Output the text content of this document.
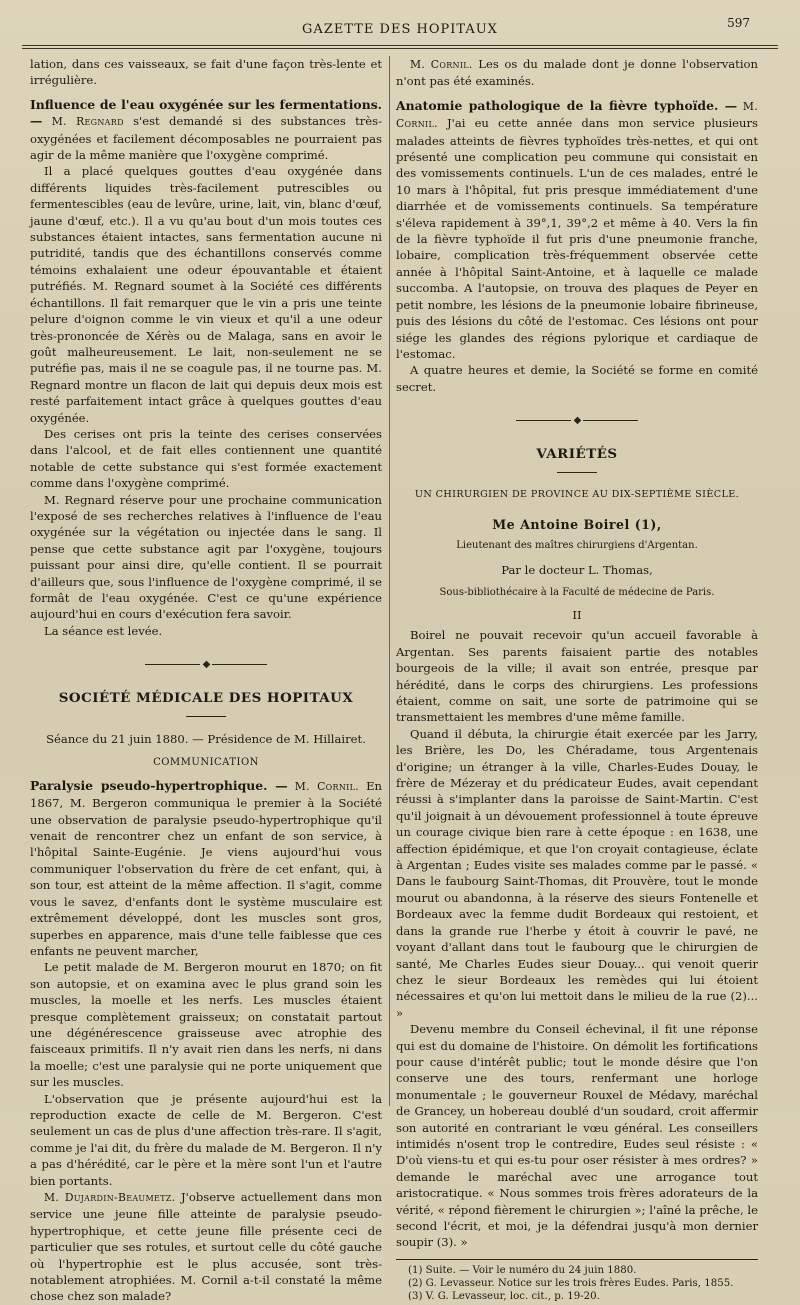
GAZETTE DES HOPITAUX	597

lation, dans ces vaisseaux, se fait d'une façon très-lente et irrégulière.

Influence de l'eau oxygénée sur les fermentations. — M. Regnard s'est demandé si des substances très-oxygénées et facilement décomposables ne pourraient pas agir de la même manière que l'oxygène comprimé.

Il a placé quelques gouttes d'eau oxygénée dans différents liquides très-facilement putrescibles ou fermentescibles (eau de levûre, urine, lait, vin, blanc d'œuf, jaune d'œuf, etc.). Il a vu qu'au bout d'un mois toutes ces substances étaient intactes, sans fermentation aucune ni putridité, tandis que des échantillons conservés comme témoins exhalaient une odeur épouvantable et étaient putréfiés. M. Regnard soumet à la Société ces différents échantillons. Il fait remarquer que le vin a pris une teinte pelure d'oignon comme le vin vieux et qu'il a une odeur très-prononcée de Xérès ou de Malaga, sans en avoir le goût malheureusement. Le lait, non-seulement ne se putréfie pas, mais il ne se coagule pas, il ne tourne pas. M. Regnard montre un flacon de lait qui depuis deux mois est resté parfaitement intact grâce à quelques gouttes d'eau oxygénée.

Des cerises ont pris la teinte des cerises conservées dans l'alcool, et de fait elles contiennent une quantité notable de cette substance qui s'est formée exactement comme dans l'oxygène comprimé.

M. Regnard réserve pour une prochaine communication l'exposé de ses recherches relatives à l'influence de l'eau oxygénée sur la végétation ou injectée dans le sang. Il pense que cette substance agit par l'oxygène, toujours puissant pour ainsi dire, qu'elle contient. Il se pourrait d'ailleurs que, sous l'influence de l'oxygène comprimé, il se formât de l'eau oxygénée. C'est ce qu'une expérience aujourd'hui en cours d'exécution fera savoir.

La séance est levée.

◆

SOCIÉTÉ MÉDICALE DES HOPITAUX

Séance du 21 juin 1880. — Présidence de M. Hillairet.

COMMUNICATION

Paralysie pseudo-hypertrophique. — M. Cornil. En 1867, M. Bergeron communiqua le premier à la Société une observation de paralysie pseudo-hypertrophique qu'il venait de rencontrer chez un enfant de son service, à l'hôpital Sainte-Eugénie. Je viens aujourd'hui vous communiquer l'observation du frère de cet enfant, qui, à son tour, est atteint de la même affection. Il s'agit, comme vous le savez, d'enfants dont le système musculaire est extrêmement développé, dont les muscles sont gros, superbes en apparence, mais d'une telle faiblesse que ces enfants ne peuvent marcher,

Le petit malade de M. Bergeron mourut en 1870; on fit son autopsie, et on examina avec le plus grand soin les muscles, la moelle et les nerfs. Les muscles étaient presque complètement graisseux; on constatait partout une dégénérescence graisseuse avec atrophie des faisceaux primitifs. Il n'y avait rien dans les nerfs, ni dans la moelle; c'est une paralysie qui ne porte uniquement que sur les muscles.

L'observation que je présente aujourd'hui est la reproduction exacte de celle de M. Bergeron. C'est seulement un cas de plus d'une affection très-rare. Il s'agit, comme je l'ai dit, du frère du malade de M. Bergeron. Il n'y a pas d'hérédité, car le père et la mère sont l'un et l'autre bien portants.

M. Dujardin-Beaumetz. J'observe actuellement dans mon service une jeune fille atteinte de paralysie pseudo-hypertrophique, et cette jeune fille présente ceci de particulier que ses rotules, et surtout celle du côté gauche où l'hypertrophie est le plus accusée, sont très-notablement atrophiées. M. Cornil a-t-il constaté la même chose chez son malade?

M. Cornil. Les os du malade dont je donne l'observation n'ont pas été examinés.

Anatomie pathologique de la fièvre typhoïde. — M. Cornil. J'ai eu cette année dans mon service plusieurs malades atteints de fièvres typhoïdes très-nettes, et qui ont présenté une complication peu commune qui consistait en des vomissements continuels. L'un de ces malades, entré le 10 mars à l'hôpital, fut pris presque immédiatement d'une diarrhée et de vomissements continuels. Sa température s'éleva rapidement à 39°,1, 39°,2 et même à 40. Vers la fin de la fièvre typhoïde il fut pris d'une pneumonie franche, lobaire, complication très-fréquemment observée cette année à l'hôpital Saint-Antoine, et à laquelle ce malade succomba. A l'autopsie, on trouva des plaques de Peyer en petit nombre, les lésions de la pneumonie lobaire fibrineuse, puis des lésions du côté de l'estomac. Ces lésions ont pour siége les glandes des régions pylorique et cardiaque de l'estomac.

A quatre heures et demie, la Société se forme en comité secret.

◆

VARIÉTÉS

UN CHIRURGIEN DE PROVINCE AU DIX-SEPTIÈME SIÈCLE.

Me Antoine Boirel (1),

Lieutenant des maîtres chirurgiens d'Argentan.

Par le docteur L. Thomas,

Sous-bibliothécaire à la Faculté de médecine de Paris.

II

Boirel ne pouvait recevoir qu'un accueil favorable à Argentan. Ses parents faisaient partie des notables bourgeois de la ville; il avait son entrée, presque par hérédité, dans le corps des chirurgiens. Les professions étaient, comme on sait, une sorte de patrimoine qui se transmettaient les membres d'une même famille.

Quand il débuta, la chirurgie était exercée par les Jarry, les Brière, les Do, les Chéradame, tous Argentenais d'origine; un étranger à la ville, Charles-Eudes Douay, le frère de Mézeray et du prédicateur Eudes, avait cependant réussi à s'implanter dans la paroisse de Saint-Martin. C'est qu'il joignait à un dévouement professionnel à toute épreuve un courage civique bien rare à cette époque : en 1638, une affection épidémique, et que l'on croyait contagieuse, éclate à Argentan ; Eudes visite ses malades comme par le passé. « Dans le faubourg Saint-Thomas, dit Prouvère, tout le monde mourut ou abandonna, à la réserve des sieurs Fontenelle et Bordeaux avec la femme dudit Bordeaux qui restoient, et dans la grande rue l'herbe y étoit à couvrir le pavé, ne voyant d'allant dans tout le faubourg que le chirurgien de santé, Me Charles Eudes sieur Douay... qui venoit querir chez le sieur Bordeaux les remèdes qui lui étoient nécessaires et qu'on lui mettoit dans le milieu de la rue (2)... »

Devenu membre du Conseil échevinal, il fit une réponse qui est du domaine de l'histoire. On démolit les fortifications pour cause d'intérêt public; tout le monde désire que l'on conserve une des tours, renfermant une horloge monumentale ; le gouverneur Rouxel de Médavy, maréchal de Grancey, un hobereau doublé d'un soudard, croit affermir son autorité en contrariant le vœu général. Les conseillers intimidés n'osent trop le contredire, Eudes seul résiste : « D'où viens-tu et qui es-tu pour oser résister à mes ordres? » demande le maréchal avec une arrogance tout aristocratique. « Nous sommes trois frères adorateurs de la vérité, « répond fièrement le chirurgien »; l'aîné la prêche, le second l'écrit, et moi, je la défendrai jusqu'à mon dernier soupir (3). »

(1) Suite. — Voir le numéro du 24 juin 1880.
(2) G. Levasseur. Notice sur les trois frères Eudes. Paris, 1855.
(3) V. G. Levasseur, loc. cit., p. 19-20.
